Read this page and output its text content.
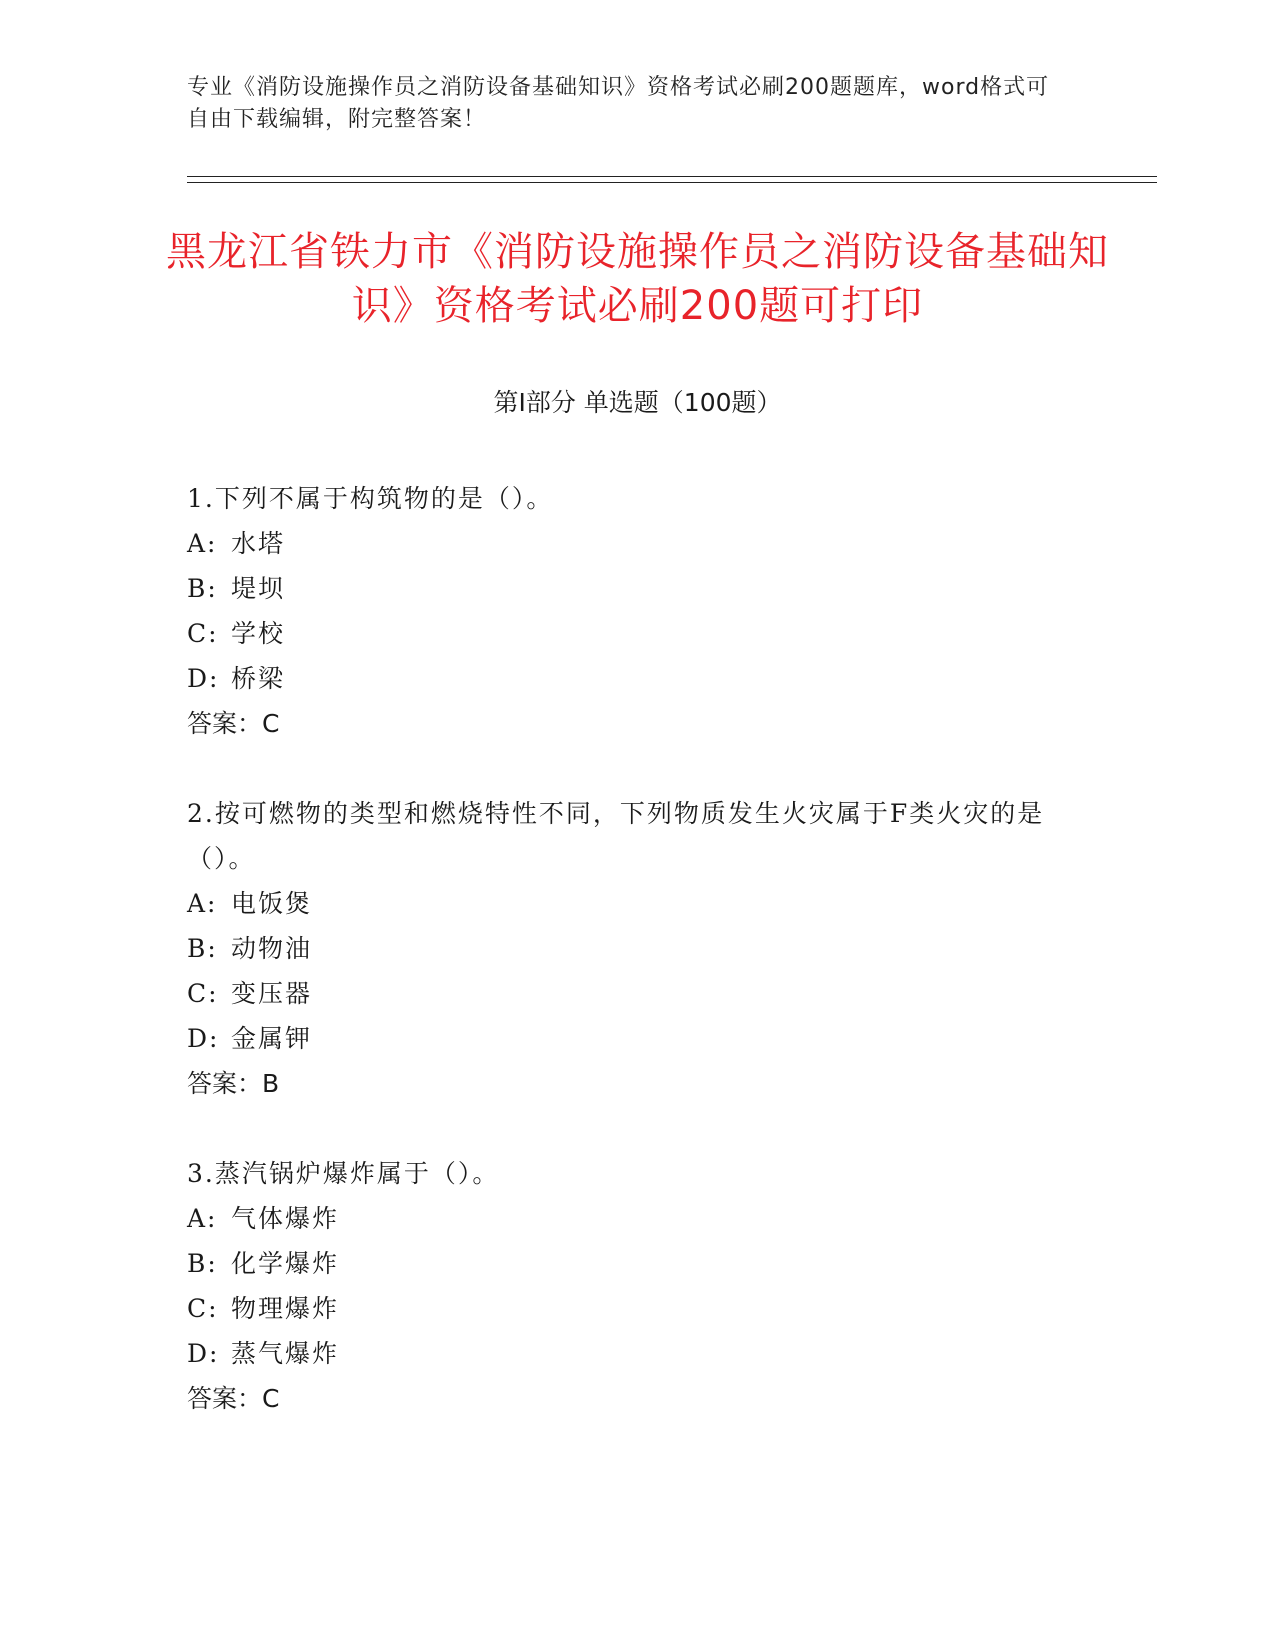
专业《消防设施操作员之消防设备基础知识》资格考试必刷200题题库，word格式可自由下载编辑，附完整答案！
黑龙江省铁力市《消防设施操作员之消防设备基础知识》资格考试必刷200题可打印
第Ⅰ部分 单选题（100题）
1.下列不属于构筑物的是（）。
A: 水塔
B: 堤坝
C: 学校
D: 桥梁
答案：C
2.按可燃物的类型和燃烧特性不同，下列物质发生火灾属于F类火灾的是（）。
A: 电饭煲
B: 动物油
C: 变压器
D: 金属钾
答案：B
3.蒸汽锅炉爆炸属于（）。
A: 气体爆炸
B: 化学爆炸
C: 物理爆炸
D: 蒸气爆炸
答案：C
